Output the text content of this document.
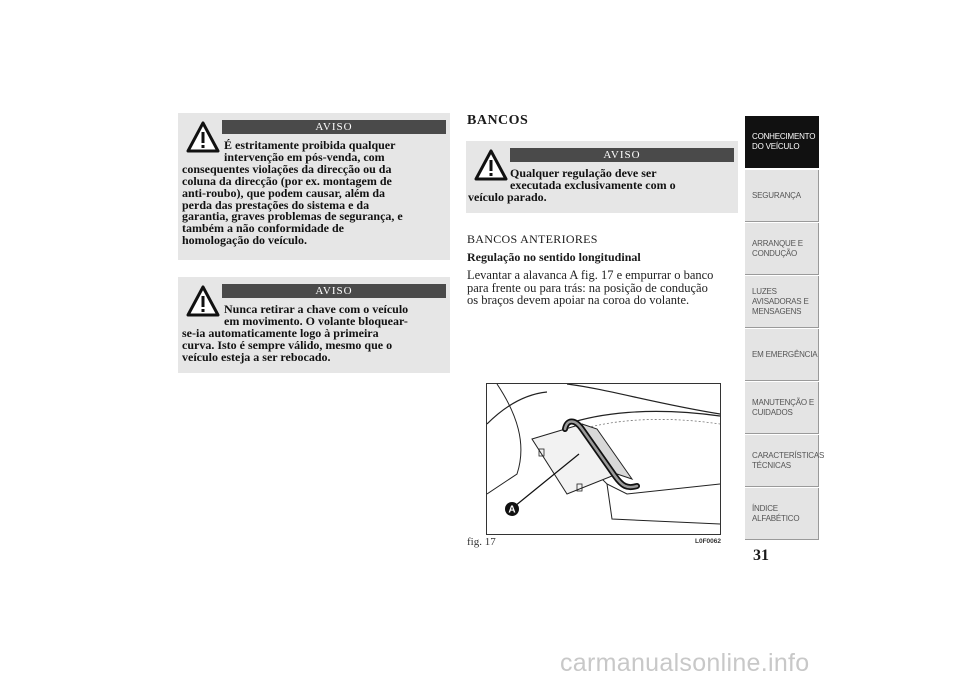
AVISO
É estritamente proibida qualquer
intervenção em pós-venda, com
consequentes violações da direcção ou da
coluna da direcção (por ex. montagem de
anti-roubo), que podem causar, além da
perda das prestações do sistema e da
garantia, graves problemas de segurança, e
também a não conformidade de
homologação do veículo.
AVISO
Nunca retirar a chave com o veículo
em movimento. O volante bloquear-
se-ia automaticamente logo à primeira
curva. Isto é sempre válido, mesmo que o
veículo esteja a ser rebocado.
BANCOS
AVISO
Qualquer regulação deve ser
executada exclusivamente com o
veículo parado.
BANCOS ANTERIORES
Regulação no sentido longitudinal
Levantar a alavanca A fig. 17 e empurrar o banco
para frente ou para trás: na posição de condução
os braços devem apoiar na coroa do volante.
A
fig. 17	L0F0062
CONHECIMENTO
DO VEÍCULO
SEGURANÇA
ARRANQUE E
CONDUÇÃO
LUZES
AVISADORAS E
MENSAGENS
EM EMERGÊNCIA
MANUTENÇÃO E
CUIDADOS
CARACTERÍSTICAS
TÉCNICAS
ÍNDICE
ALFABÉTICO
31
carmanualsonline.info
